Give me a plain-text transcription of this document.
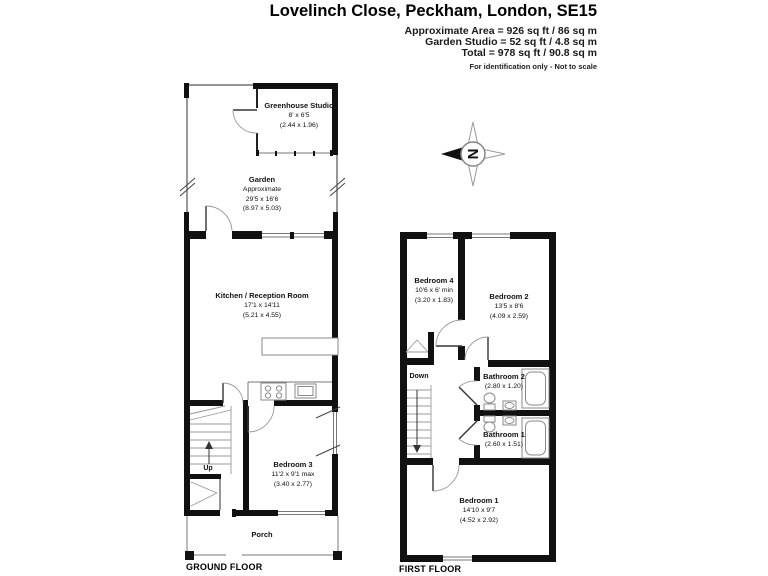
Lovelinch Close, Peckham, London, SE15
Approximate Area = 926 sq ft / 86 sq m
Garden Studio = 52 sq ft / 4.8 sq m
Total = 978 sq ft / 90.8 sq m
For identification only - Not to scale
N
Greenhouse Studio
8' x 6'5
(2.44 x 1.96)
Garden
Approximate
29'5 x 16'6
(8.97 x 5.03)
Kitchen / Reception Room
17'1 x 14'11
(5.21 x 4.55)
Bedroom 3
11'2 x 9'1 max
(3.40 x 2.77)
Porch
Up
Bedroom 4
10'6 x 6' min
(3.20 x 1.83)	Bedroom 2
13'5 x 8'6
(4.09 x 2.59)
Bathroom 2
(2.80 x 1.20)
Bathroom 1
(2.60 x 1.51)
Bedroom 1
14'10 x 9'7
(4.52 x 2.92)
Down
GROUND FLOOR	FIRST FLOOR
